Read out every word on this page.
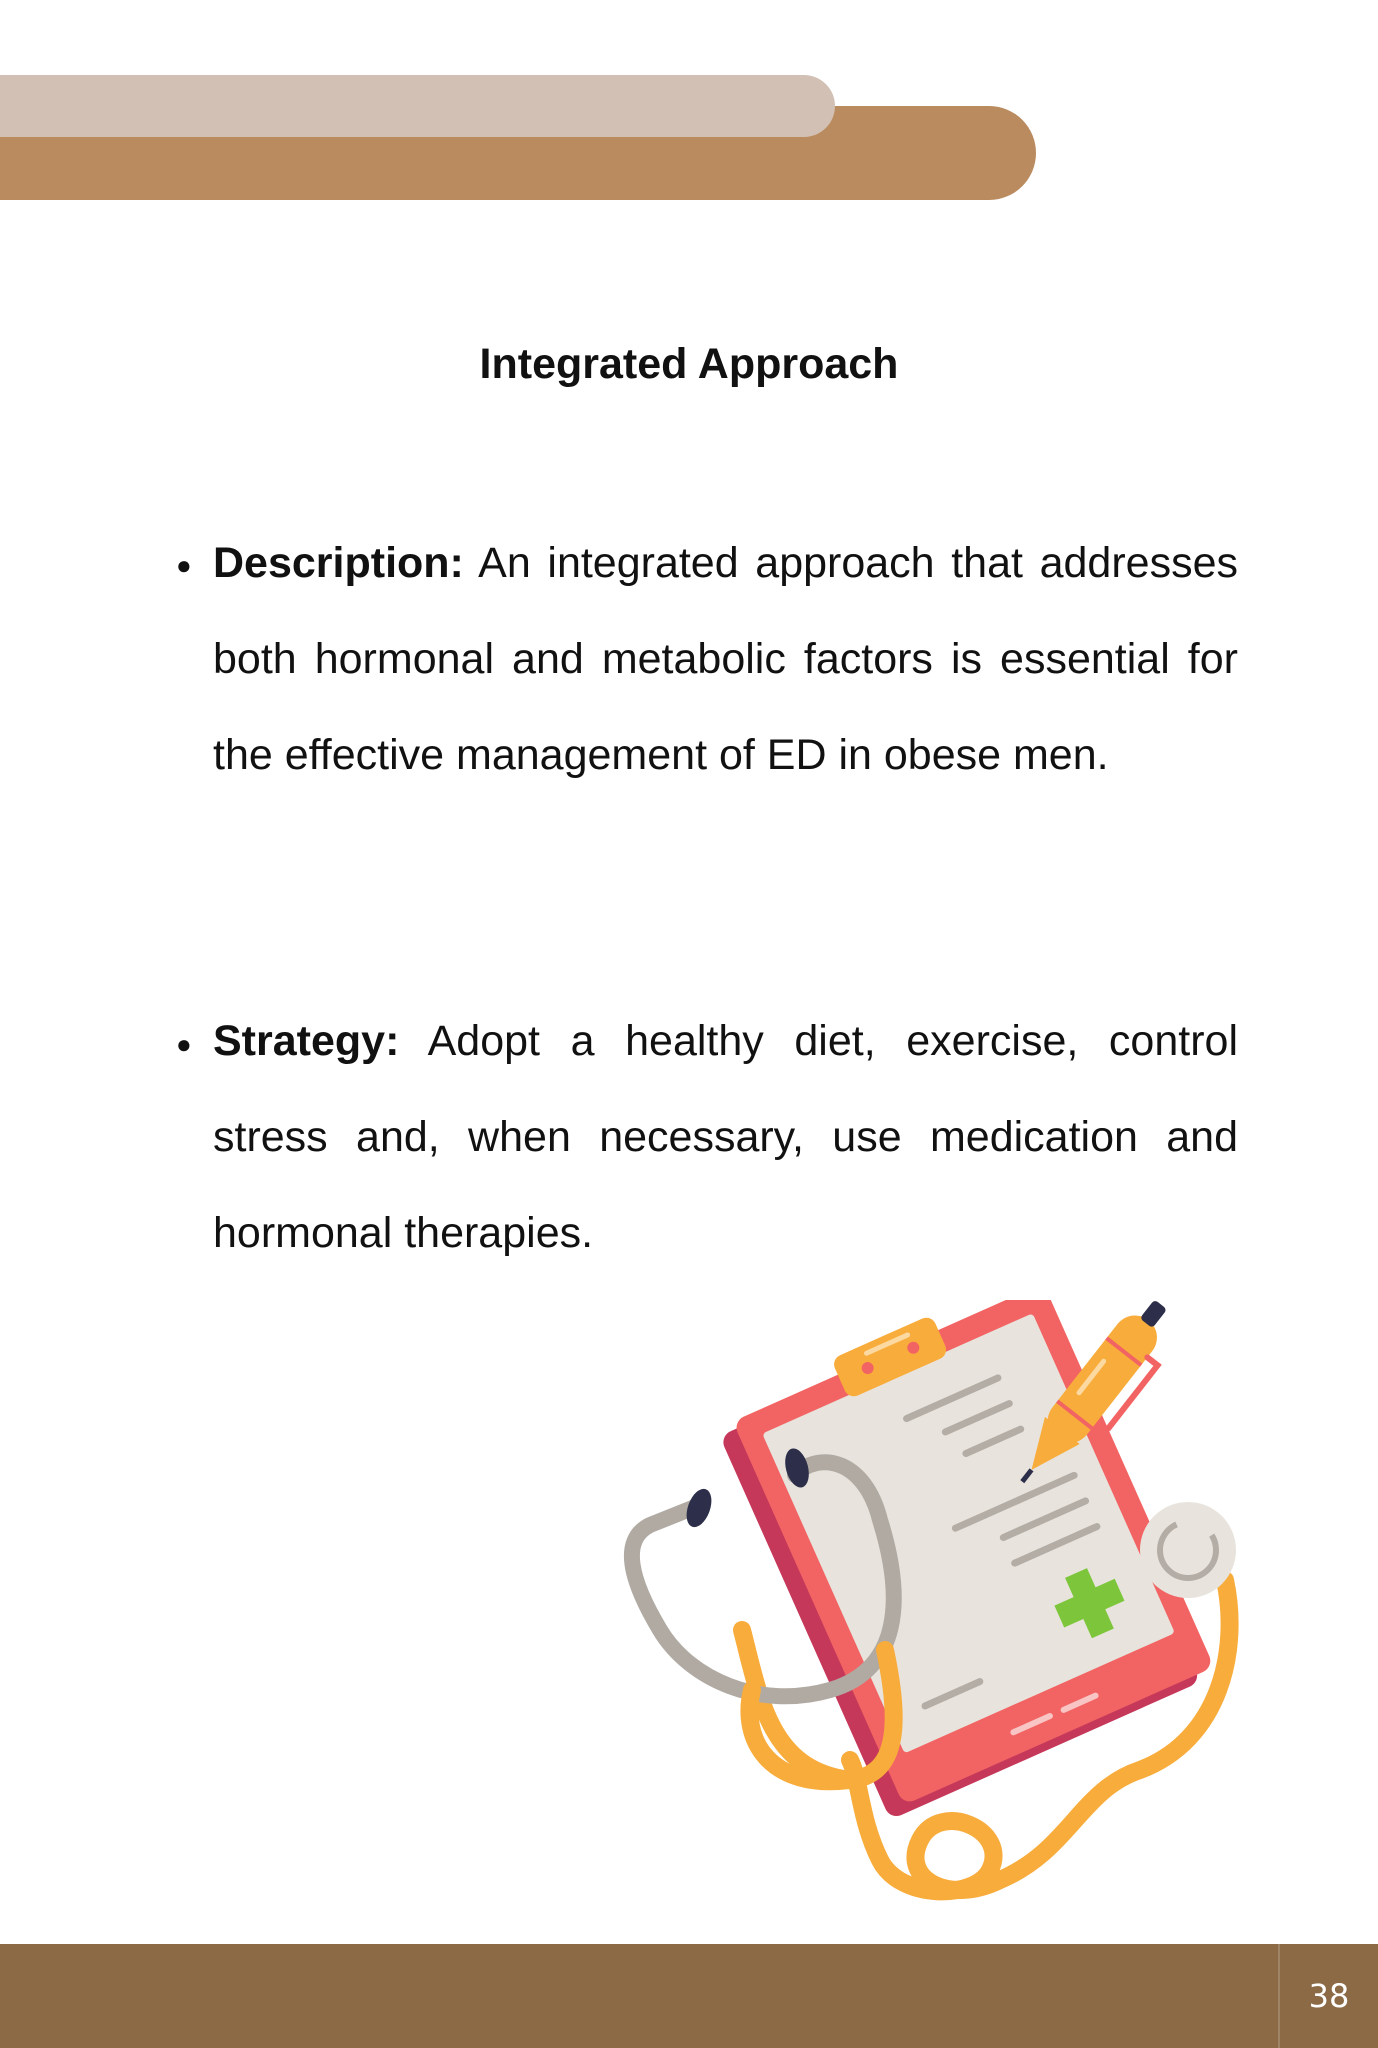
Integrated Approach
● Description: An integrated approach that addresses both hormonal and metabolic factors is essential for the effective management of ED in obese men.

● Strategy: Adopt a healthy diet, exercise, control stress and, when necessary, use medication and hormonal therapies.

38
